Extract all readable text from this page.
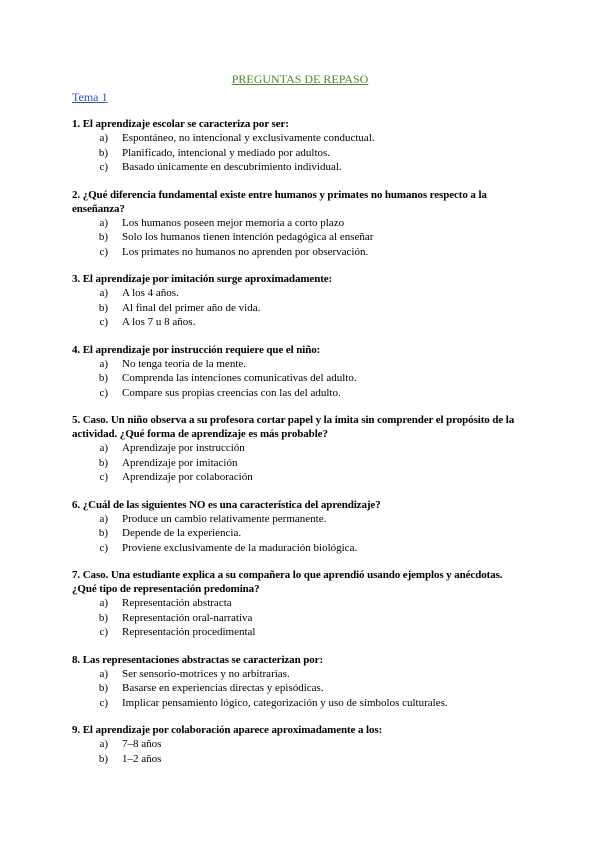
PREGUNTAS DE REPASO
Tema 1
1. El aprendizaje escolar se caracteriza por ser:
a)	Espontáneo, no intencional y exclusivamente conductual.
b)	Planificado, intencional y mediado por adultos.
c)	Basado únicamente en descubrimiento individual.
2. ¿Qué diferencia fundamental existe entre humanos y primates no humanos respecto a la enseñanza?
a)	Los humanos poseen mejor memoria a corto plazo
b)	Solo los humanos tienen intención pedagógica al enseñar
c)	Los primates no humanos no aprenden por observación.
3. El aprendizaje por imitación surge aproximadamente:
a)	A los 4 años.
b)	Al final del primer año de vida.
c)	A los 7 u 8 años.
4. El aprendizaje por instrucción requiere que el niño:
a)	No tenga teoría de la mente.
b)	Comprenda las intenciones comunicativas del adulto.
c)	Compare sus propias creencias con las del adulto.
5. Caso. Un niño observa a su profesora cortar papel y la imita sin comprender el propósito de la actividad. ¿Qué forma de aprendizaje es más probable?
a)	Aprendizaje por instrucción
b)	Aprendizaje por imitación
c)	Aprendizaje por colaboración
6. ¿Cuál de las siguientes NO es una característica del aprendizaje?
a)	Produce un cambio relativamente permanente.
b)	Depende de la experiencia.
c)	Proviene exclusivamente de la maduración biológica.
7. Caso. Una estudiante explica a su compañera lo que aprendió usando ejemplos y anécdotas. ¿Qué tipo de representación predomina?
a)	Representación abstracta
b)	Representación oral-narrativa
c)	Representación procedimental
8. Las representaciones abstractas se caracterizan por:
a)	Ser sensorio-motrices y no arbitrarias.
b)	Basarse en experiencias directas y episódicas.
c)	Implicar pensamiento lógico, categorización y uso de símbolos culturales.
9. El aprendizaje por colaboración aparece aproximadamente a los:
a)	7–8 años
b)	1–2 años
